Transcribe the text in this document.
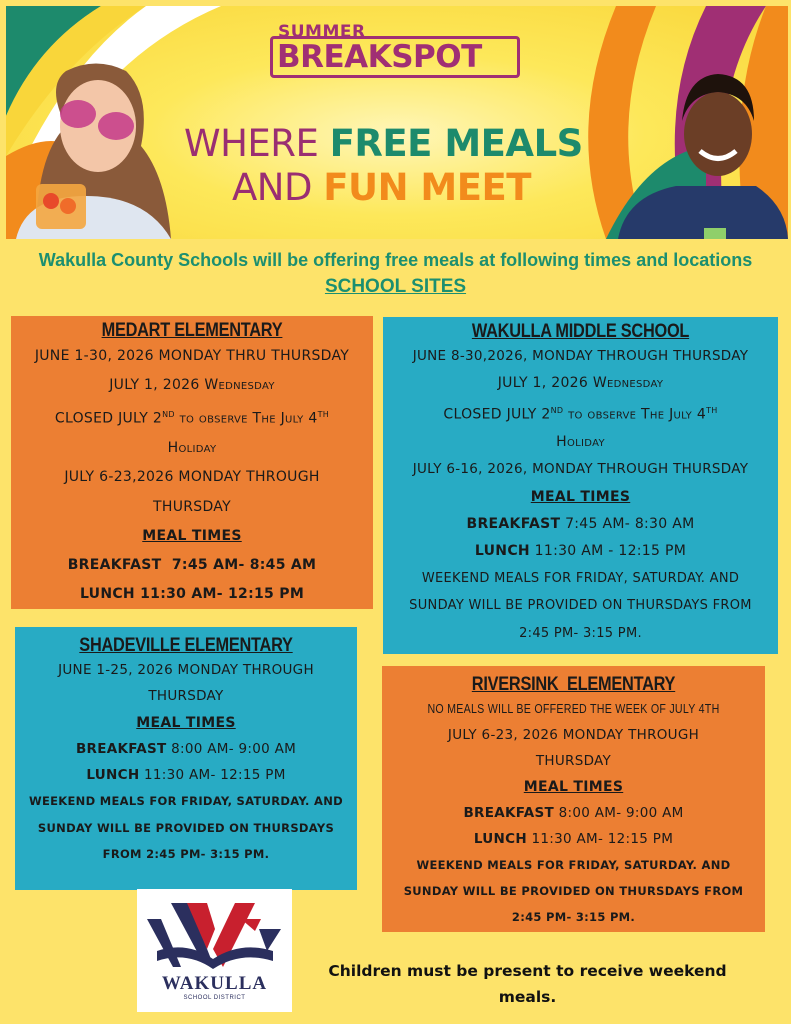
SUMMER
BREAKSPOT
WHERE FREE MEALS
AND FUN MEET
Wakulla County Schools will be offering free meals at following times and locations
SCHOOL SITES
MEDART ELEMENTARY
JUNE 1-30, 2026 MONDAY THRU THURSDAY
JULY 1, 2026 Wednesday
CLOSED JULY 2ND to observe The July 4TH
Holiday
JULY 6-23,2026 MONDAY THROUGH
THURSDAY
MEAL TIMES
BREAKFAST  7:45 AM- 8:45 AM
LUNCH 11:30 AM- 12:15 PM
WAKULLA MIDDLE SCHOOL
JUNE 8-30,2026, MONDAY THROUGH THURSDAY
JULY 1, 2026 Wednesday
CLOSED JULY 2ND to observe The July 4TH
Holiday
JULY 6-16, 2026, MONDAY THROUGH THURSDAY
MEAL TIMES
BREAKFAST 7:45 AM- 8:30 AM
LUNCH 11:30 AM - 12:15 PM
WEEKEND MEALS FOR FRIDAY, SATURDAY. AND
SUNDAY WILL BE PROVIDED ON THURSDAYS FROM
2:45 PM- 3:15 PM.
SHADEVILLE ELEMENTARY
JUNE 1-25, 2026 MONDAY THROUGH
THURSDAY
MEAL TIMES
BREAKFAST 8:00 AM- 9:00 AM
LUNCH 11:30 AM- 12:15 PM
WEEKEND MEALS FOR FRIDAY, SATURDAY. AND
SUNDAY WILL BE PROVIDED ON THURSDAYS
FROM 2:45 PM- 3:15 PM.
RIVERSINK  ELEMENTARY
NO MEALS WILL BE OFFERED THE WEEK OF JULY 4TH
JULY 6-23, 2026 MONDAY THROUGH
THURSDAY
MEAL TIMES
BREAKFAST 8:00 AM- 9:00 AM
LUNCH 11:30 AM- 12:15 PM
WEEKEND MEALS FOR FRIDAY, SATURDAY. AND
SUNDAY WILL BE PROVIDED ON THURSDAYS FROM
2:45 PM- 3:15 PM.
WAKULLA
SCHOOL DISTRICT
Children must be present to receive weekend meals.
